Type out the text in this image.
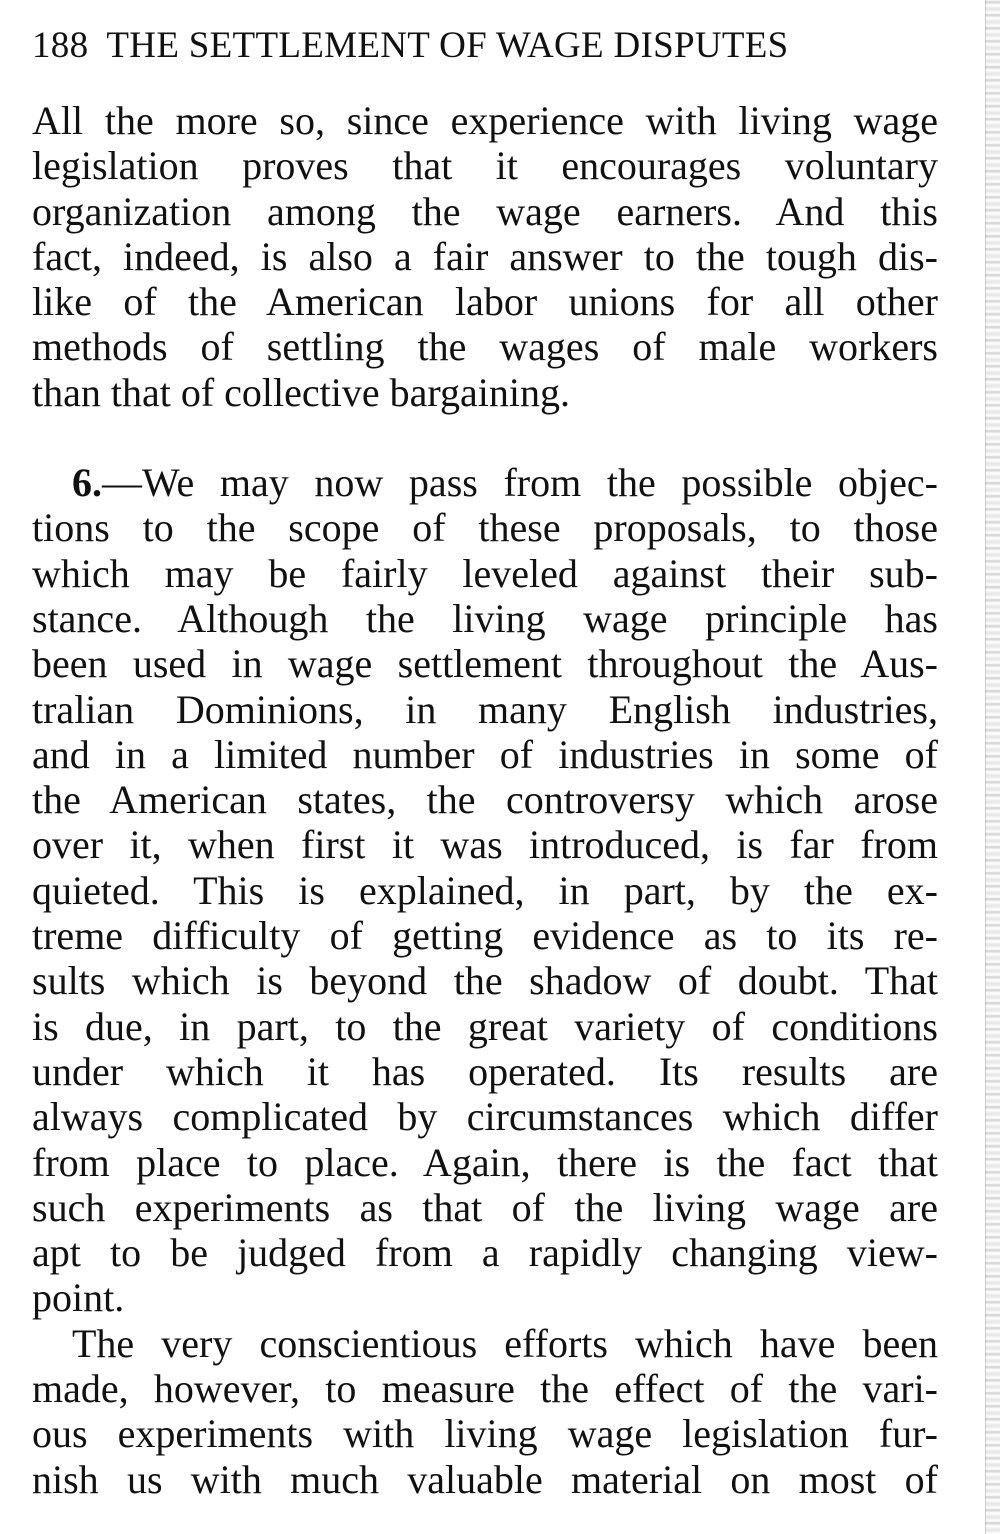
188 THE SETTLEMENT OF WAGE DISPUTES
All the more so, since experience with living wage
legislation proves that it encourages voluntary
organization among the wage earners. And this
fact, indeed, is also a fair answer to the tough dis-
like of the American labor unions for all other
methods of settling the wages of male workers
than that of collective bargaining.
6.—We may now pass from the possible objec-
tions to the scope of these proposals, to those
which may be fairly leveled against their sub-
stance. Although the living wage principle has
been used in wage settlement throughout the Aus-
tralian Dominions, in many English industries,
and in a limited number of industries in some of
the American states, the controversy which arose
over it, when first it was introduced, is far from
quieted. This is explained, in part, by the ex-
treme difficulty of getting evidence as to its re-
sults which is beyond the shadow of doubt. That
is due, in part, to the great variety of conditions
under which it has operated. Its results are
always complicated by circumstances which differ
from place to place. Again, there is the fact that
such experiments as that of the living wage are
apt to be judged from a rapidly changing view-
point.
The very conscientious efforts which have been
made, however, to measure the effect of the vari-
ous experiments with living wage legislation fur-
nish us with much valuable material on most of
